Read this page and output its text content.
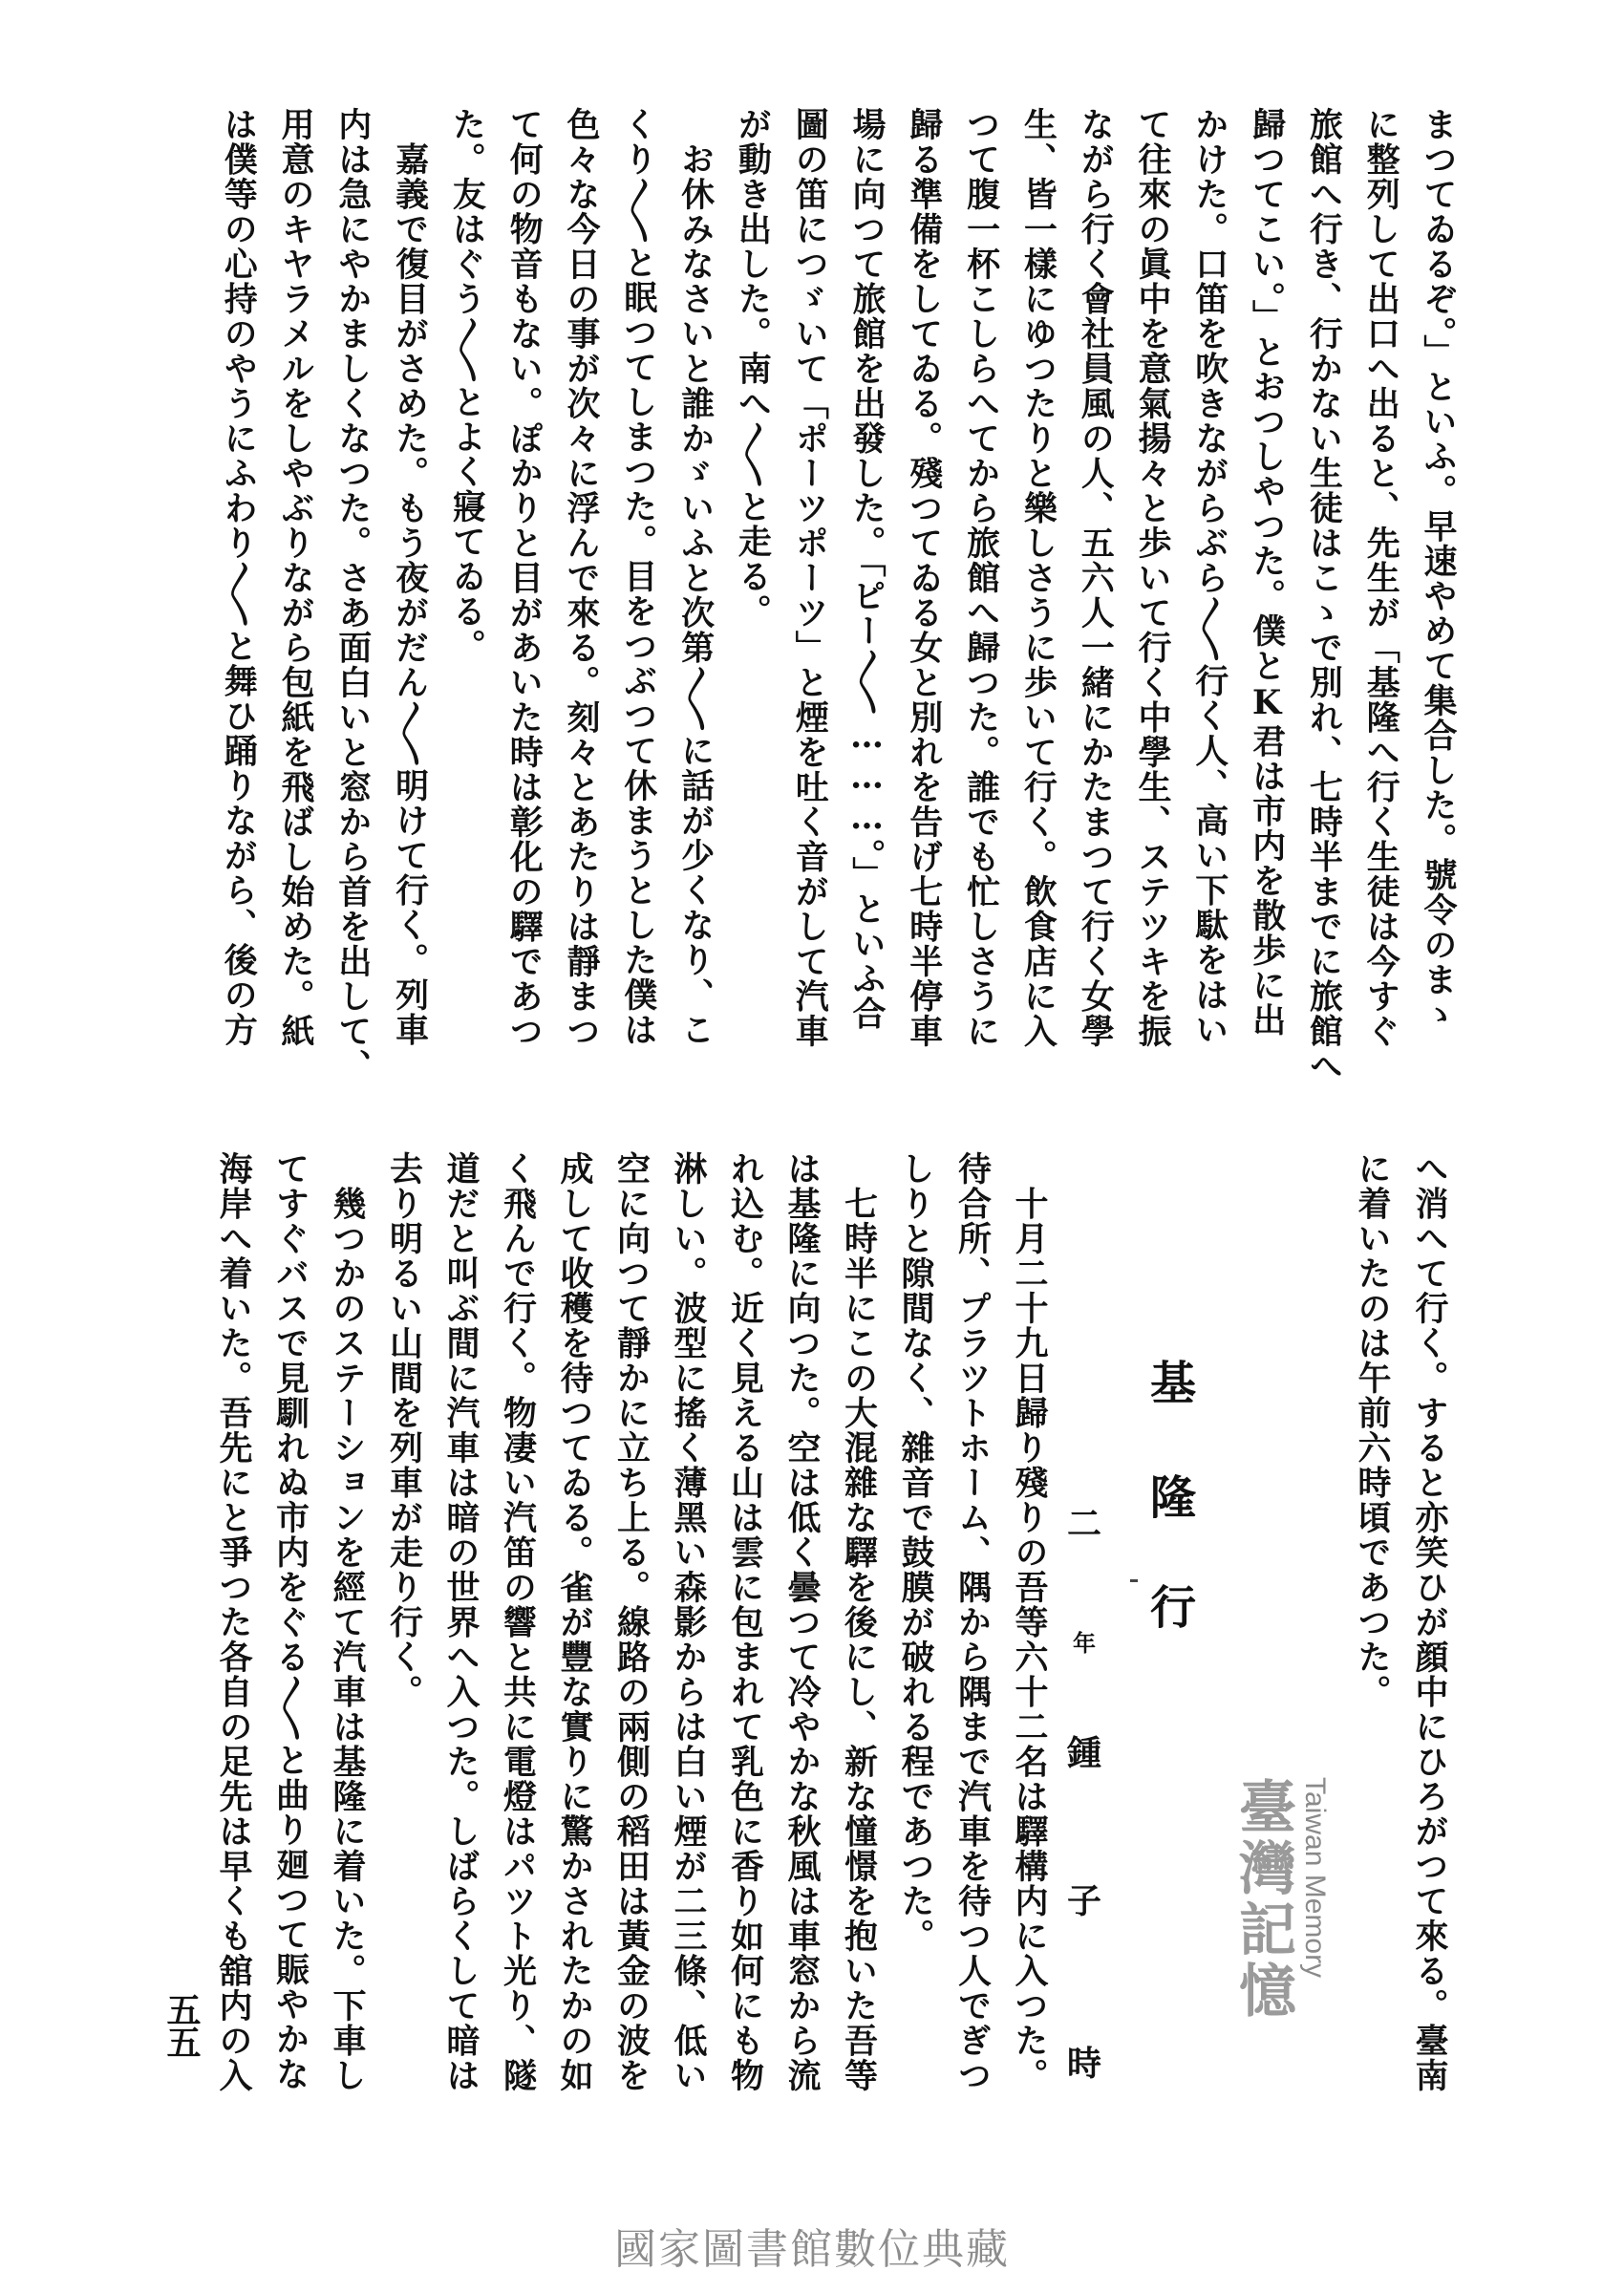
まつてゐるぞ。」といふ。早速やめて集合した。號令のまゝ
に整列して出口へ出ると、先生が「基隆へ行く生徒は今すぐ
旅館へ行き、行かない生徒はこゝで別れ、七時半までに旅館へ
歸つてこい。」とおつしやつた。僕とK君は市内を散歩に出
かけた。口笛を吹きながらぶら〳〵行く人、高い下駄をはい
て往來の眞中を意氣揚々と歩いて行く中學生、ステツキを振
ながら行く會社員風の人、五六人一緒にかたまつて行く女學
生、皆一樣にゆつたりと樂しさうに歩いて行く。飲食店に入
つて腹一杯こしらへてから旅館へ歸つた。誰でも忙しさうに
歸る準備をしてゐる。殘つてゐる女と別れを告げ七時半停車
場に向つて旅館を出發した。「ピー〳〵………。」といふ合
圖の笛につゞいて「ポーツポーツ」と煙を吐く音がして汽車
が動き出した。南へ〳〵と走る。
　お休みなさいと誰かゞいふと次第〳〵に話が少くなり、こ
くり〳〵と眠つてしまつた。目をつぶつて休まうとした僕は
色々な今日の事が次々に浮んで來る。刻々とあたりは靜まつ
て何の物音もない。ぽかりと目があいた時は彰化の驛であつ
た。友はぐう〳〵とよく寢てゐる。
　嘉義で復目がさめた。もう夜がだん〳〵明けて行く。列車
内は急にやかましくなつた。さあ面白いと窓から首を出して、
用意のキヤラメルをしやぶりながら包紙を飛ばし始めた。紙
は僕等の心持のやうにふわり〳〵と舞ひ踊りながら、後の方
へ消へて行く。すると亦笑ひが顔中にひろがつて來る。臺南
に着いたのは午前六時頃であつた。
　十月二十九日歸り殘りの吾等六十二名は驛構内に入つた。
待合所、プラツトホーム、隅から隅まで汽車を待つ人でぎつ
しりと隙間なく、雜音で鼓膜が破れる程であつた。
　七時半にこの大混雜な驛を後にし、新な憧憬を抱いた吾等
は基隆に向つた。空は低く曇つて冷やかな秋風は車窓から流
れ込む。近く見える山は雲に包まれて乳色に香り如何にも物
淋しい。波型に搖く薄黑い森影からは白い煙が二三條、低い
空に向つて靜かに立ち上る。線路の兩側の稻田は黃金の波を
成して收穫を待つてゐる。雀が豐な實りに驚かされたかの如
く飛んで行く。物凄い汽笛の響と共に電燈はパツト光り、隧
道だと叫ぶ間に汽車は暗の世界へ入つた。しばらくして暗は
去り明るい山間を列車が走り行く。
　幾つかのステーションを經て汽車は基隆に着いた。下車し
てすぐバスで見馴れぬ市内をぐる〳〵と曲り廻つて賑やかな
海岸へ着いた。吾先にと爭つた各自の足先は早くも舘内の入	基
隆
行
二
年
鍾
子
時
臺灣記憶 Taiwan Memory
五五
國家圖書館數位典藏
